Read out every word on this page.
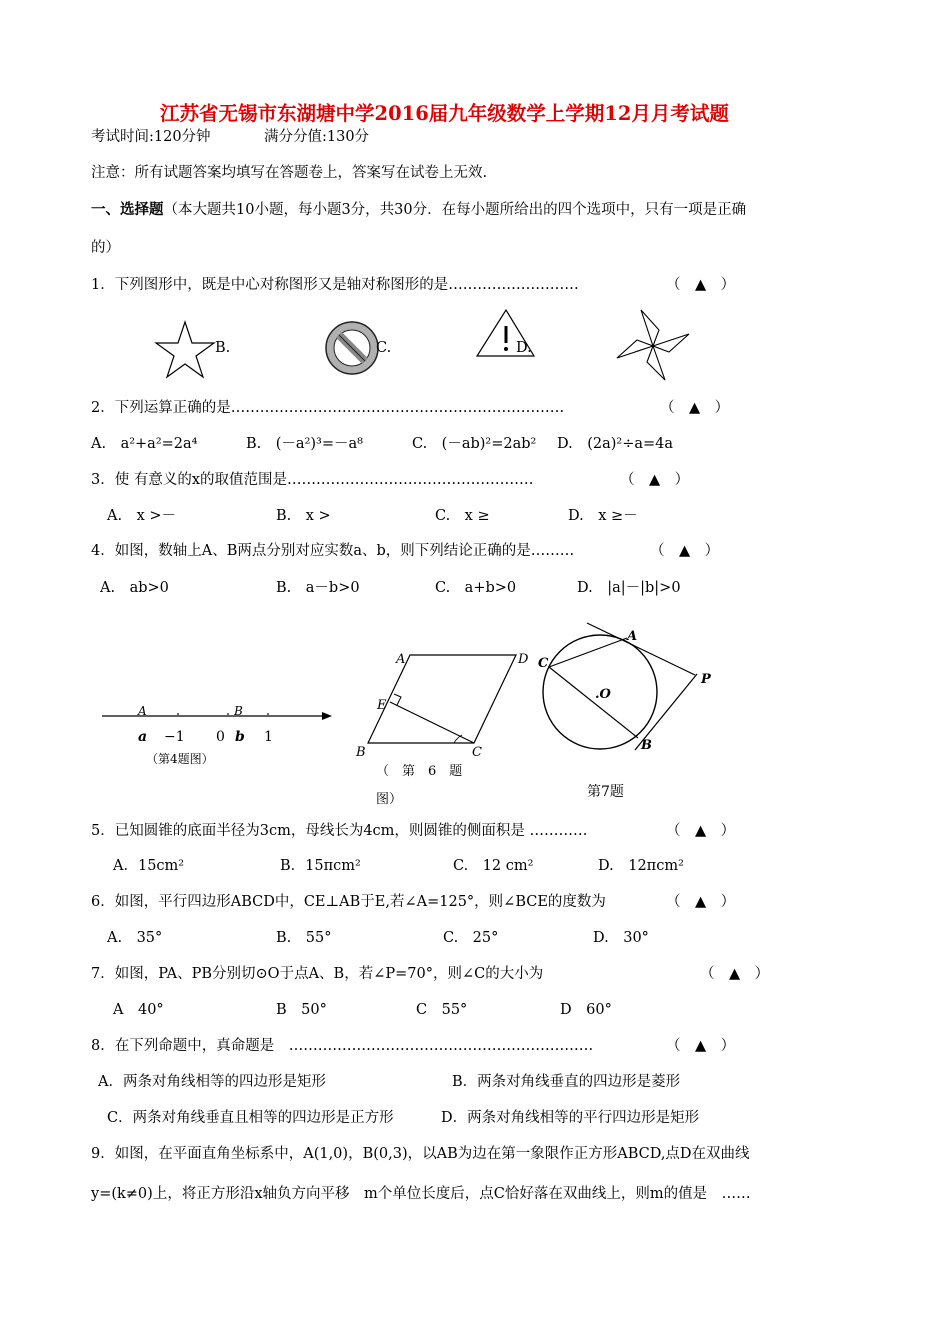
江苏省无锡市东湖塘中学2016届九年级数学上学期12月月考试题
考试时间:120分钟	满分分值:130分
注意：所有试题答案均填写在答题卷上，答案写在试卷上无效.
一、选择题（本大题共10小题，每小题3分，共30分．在每小题所给出的四个选项中，只有一项是正确
的）
1．下列图形中，既是中心对称图形又是轴对称图形的是………………………	（　▲　）
B.	C.	D.
2．下列运算正确的是……………………………………………………………	（　▲　）
A.　a²+a²=2a⁴	B.　(－a²)³=－a⁸	C.　(－ab)²=2ab² D.　(2a)²÷a=4a
3．使 有意义的x的取值范围是……………………………………………	（　▲　）
A.　x >－	B.　x >	C.　x ≥	D.　x ≥－
4．如图，数轴上A、B两点分别对应实数a、b，则下列结论正确的是………	（　▲　）
A.　ab>0	B.　a－b>0	C.　a+b>0	D.　|a|－|b|>0
A	B
a −1 0 b 1
（第4题图）
A	D
E
B	C
（　第　6　题
图）
A
C
.O
P
B
第7题
5．已知圆锥的底面半径为3cm，母线长为4cm，则圆锥的侧面积是 …………	（　▲　）
A．15cm²	B．15πcm²	C.　12 cm²	D.　12πcm²
6．如图，平行四边形ABCD中，CE⊥AB于E,若∠A=125°，则∠BCE的度数为	（　▲　）
A.　35°	B.　55°	C.　25°	D.　30°
7．如图，PA、PB分别切⊙O于点A、B，若∠P=70°，则∠C的大小为	（　▲　）
A　40°	B　50°	C　55°	D　60°
8．在下列命题中，真命题是　………………………………………………………	（　▲　）
A．两条对角线相等的四边形是矩形	B．两条对角线垂直的四边形是菱形
C．两条对角线垂直且相等的四边形是正方形	D．两条对角线相等的平行四边形是矩形
9．如图，在平面直角坐标系中，A(1,0)，B(0,3)，以AB为边在第一象限作正方形ABCD,点D在双曲线
y=(k≠0)上，将正方形沿x轴负方向平移　m个单位长度后，点C恰好落在双曲线上，则m的值是　……
